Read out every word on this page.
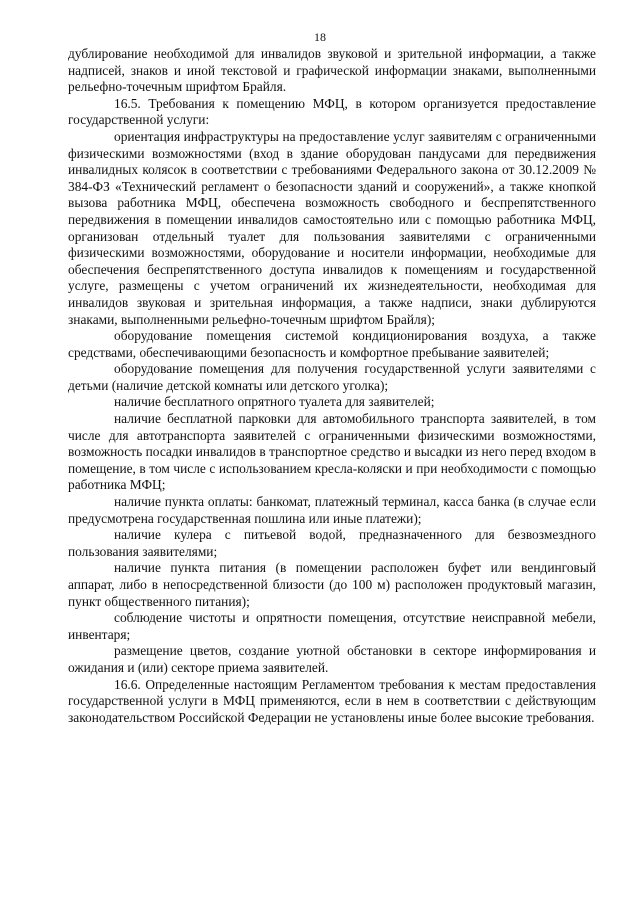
18

дублирование необходимой для инвалидов звуковой и зрительной информации, а также надписей, знаков и иной текстовой и графической информации знаками, выполненными рельефно-точечным шрифтом Брайля.

16.5. Требования к помещению МФЦ, в котором организуется предоставление государственной услуги:

ориентация инфраструктуры на предоставление услуг заявителям с ограниченными физическими возможностями (вход в здание оборудован пандусами для передвижения инвалидных колясок в соответствии с требованиями Федерального закона от 30.12.2009 № 384-ФЗ «Технический регламент о безопасности зданий и сооружений», а также кнопкой вызова работника МФЦ, обеспечена возможность свободного и беспрепятственного передвижения в помещении инвалидов самостоятельно или с помощью работника МФЦ, организован отдельный туалет для пользования заявителями с ограниченными физическими возможностями, оборудование и носители информации, необходимые для обеспечения беспрепятственного доступа инвалидов к помещениям и государственной услуге, размещены с учетом ограничений их жизнедеятельности, необходимая для инвалидов звуковая и зрительная информация, а также надписи, знаки дублируются знаками, выполненными рельефно-точечным шрифтом Брайля);

оборудование помещения системой кондиционирования воздуха, а также средствами, обеспечивающими безопасность и комфортное пребывание заявителей;

оборудование помещения для получения государственной услуги заявителями с детьми (наличие детской комнаты или детского уголка);

наличие бесплатного опрятного туалета для заявителей;

наличие бесплатной парковки для автомобильного транспорта заявителей, в том числе для автотранспорта заявителей с ограниченными физическими возможностями, возможность посадки инвалидов в транспортное средство и высадки из него перед входом в помещение, в том числе с использованием кресла-коляски и при необходимости с помощью работника МФЦ;

наличие пункта оплаты: банкомат, платежный терминал, касса банка (в случае если предусмотрена государственная пошлина или иные платежи);

наличие кулера с питьевой водой, предназначенного для безвозмездного пользования заявителями;

наличие пункта питания (в помещении расположен буфет или вендинговый аппарат, либо в непосредственной близости (до 100 м) расположен продуктовый магазин, пункт общественного питания);

соблюдение чистоты и опрятности помещения, отсутствие неисправной мебели, инвентаря;

размещение цветов, создание уютной обстановки в секторе информирования и ожидания и (или) секторе приема заявителей.

16.6. Определенные настоящим Регламентом требования к местам предоставления государственной услуги в МФЦ применяются, если в нем в соответствии с действующим законодательством Российской Федерации не установлены иные более высокие требования.
